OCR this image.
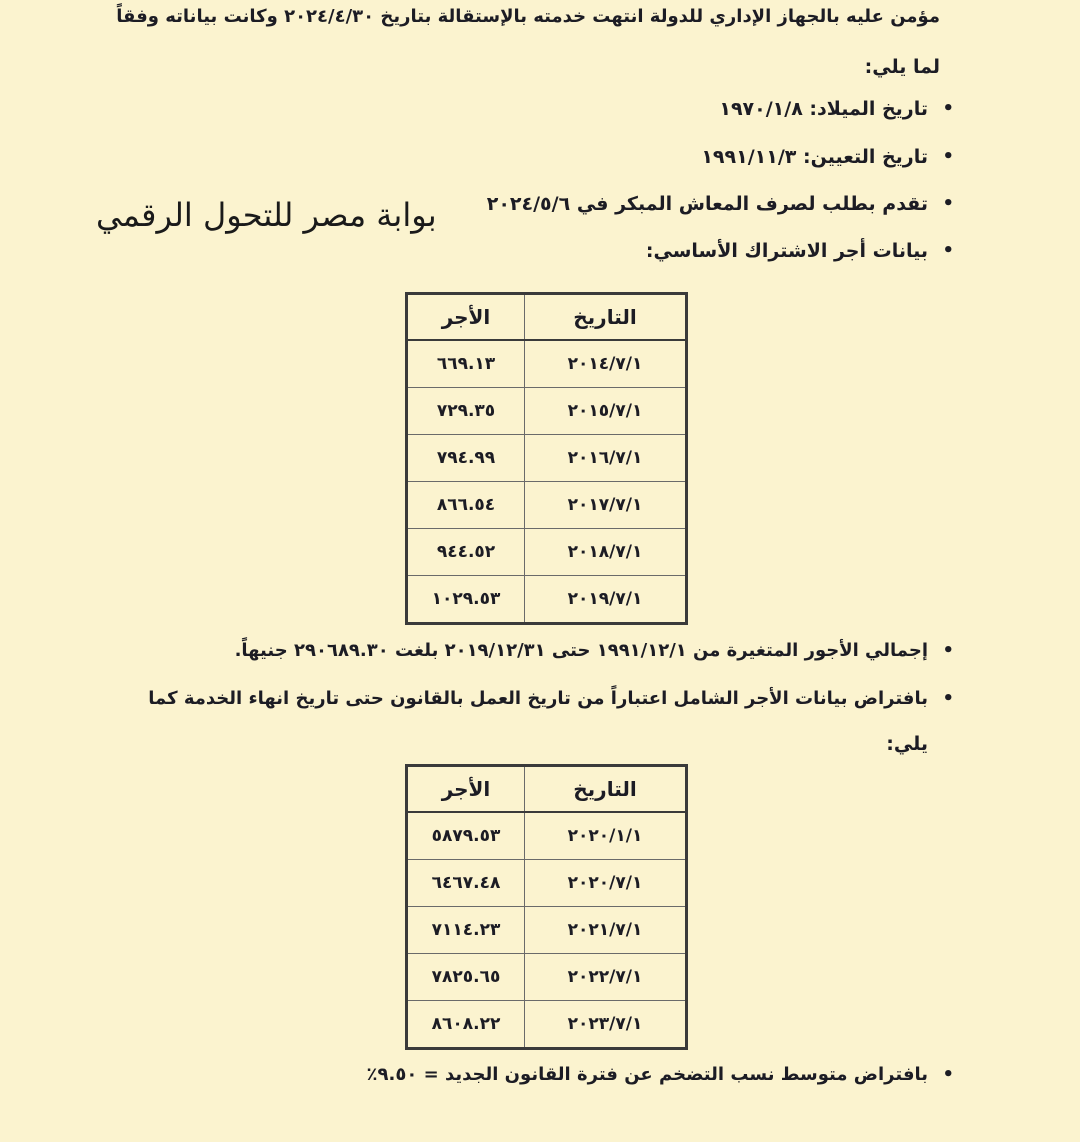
مؤمن عليه بالجهاز الإداري للدولة انتهت خدمته بالإستقالة بتاريخ ٢٠٢٤/٤/٣٠ وكانت بياناته وفقاً
لما يلي:
• تاريخ الميلاد: ١٩٧٠/١/٨
• تاريخ التعيين: ١٩٩١/١١/٣
• تقدم بطلب لصرف المعاش المبكر في ٢٠٢٤/٥/٦
• بيانات أجر الاشتراك الأساسي:
بوابة مصر للتحول الرقمي
التاريخ	الأجر
٢٠١٤/٧/١	٦٦٩.١٣
٢٠١٥/٧/١	٧٢٩.٣٥
٢٠١٦/٧/١	٧٩٤.٩٩
٢٠١٧/٧/١	٨٦٦.٥٤
٢٠١٨/٧/١	٩٤٤.٥٢
٢٠١٩/٧/١	١٠٢٩.٥٣
• إجمالي الأجور المتغيرة من ١٩٩١/١٢/١ حتى ٢٠١٩/١٢/٣١ بلغت ٢٩٠٦٨٩.٣٠ جنيهاً.
• بافتراض بيانات الأجر الشامل اعتباراً من تاريخ العمل بالقانون حتى تاريخ انهاء الخدمة كما
يلي:
التاريخ	الأجر
٢٠٢٠/١/١	٥٨٧٩.٥٣
٢٠٢٠/٧/١	٦٤٦٧.٤٨
٢٠٢١/٧/١	٧١١٤.٢٣
٢٠٢٢/٧/١	٧٨٢٥.٦٥
٢٠٢٣/٧/١	٨٦٠٨.٢٢
• بافتراض متوسط نسب التضخم عن فترة القانون الجديد = ٩.٥٠٪
